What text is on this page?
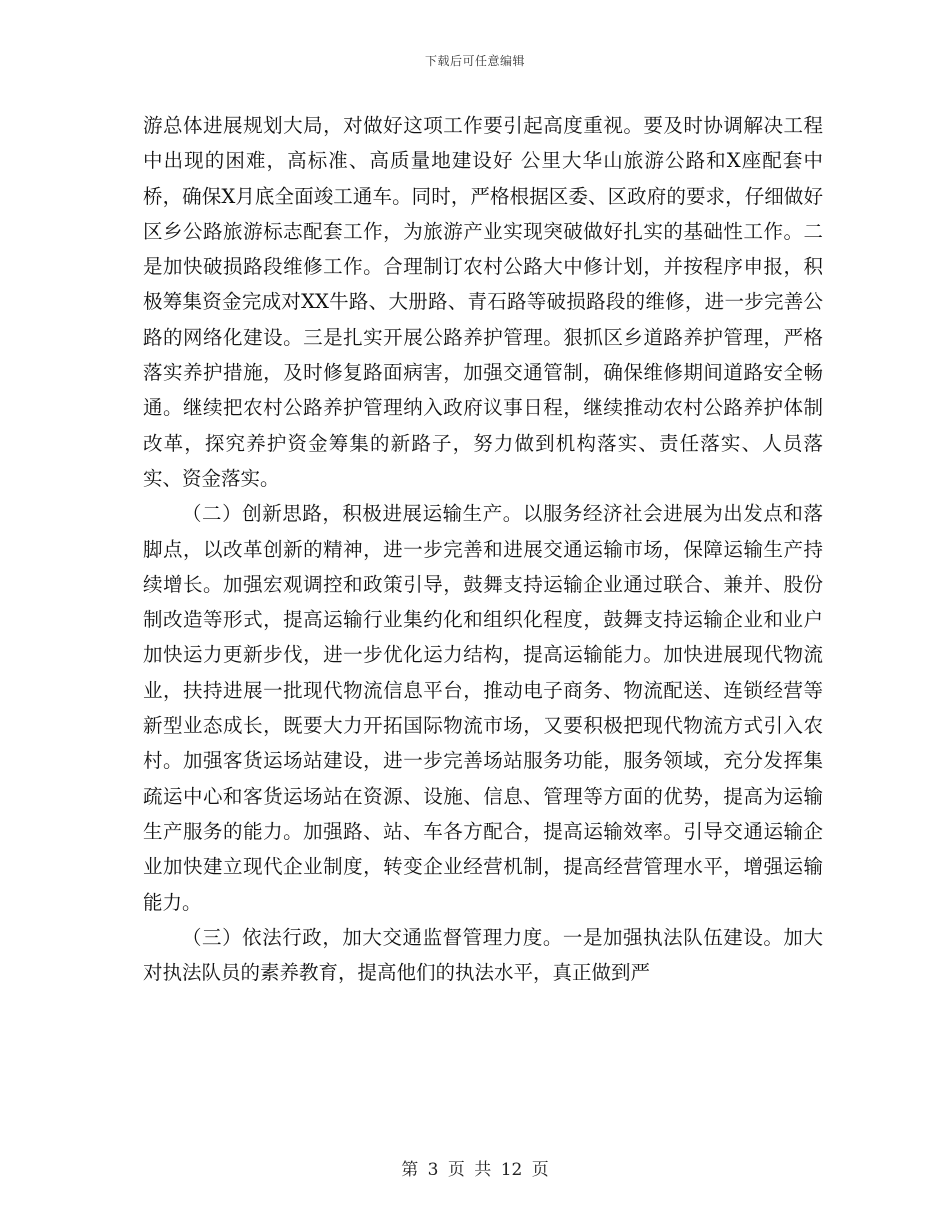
下载后可任意编辑

游总体进展规划大局，对做好这项工作要引起高度重视。要及时协调解决工程中出现的困难，高标准、高质量地建设好 公里大华山旅游公路和X座配套中桥，确保X月底全面竣工通车。同时，严格根据区委、区政府的要求，仔细做好区乡公路旅游标志配套工作，为旅游产业实现突破做好扎实的基础性工作。二是加快破损路段维修工作。合理制订农村公路大中修计划，并按程序申报，积极筹集资金完成对XX牛路、大册路、青石路等破损路段的维修，进一步完善公路的网络化建设。三是扎实开展公路养护管理。狠抓区乡道路养护管理，严格落实养护措施，及时修复路面病害，加强交通管制，确保维修期间道路安全畅通。继续把农村公路养护管理纳入政府议事日程，继续推动农村公路养护体制改革，探究养护资金筹集的新路子，努力做到机构落实、责任落实、人员落实、资金落实。

（二）创新思路，积极进展运输生产。以服务经济社会进展为出发点和落脚点，以改革创新的精神，进一步完善和进展交通运输市场，保障运输生产持续增长。加强宏观调控和政策引导，鼓舞支持运输企业通过联合、兼并、股份制改造等形式，提高运输行业集约化和组织化程度，鼓舞支持运输企业和业户加快运力更新步伐，进一步优化运力结构，提高运输能力。加快进展现代物流业，扶持进展一批现代物流信息平台，推动电子商务、物流配送、连锁经营等新型业态成长，既要大力开拓国际物流市场，又要积极把现代物流方式引入农村。加强客货运场站建设，进一步完善场站服务功能，服务领域，充分发挥集疏运中心和客货运场站在资源、设施、信息、管理等方面的优势，提高为运输生产服务的能力。加强路、站、车各方配合，提高运输效率。引导交通运输企业加快建立现代企业制度，转变企业经营机制，提高经营管理水平，增强运输能力。

（三）依法行政，加大交通监督管理力度。一是加强执法队伍建设。加大对执法队员的素养教育，提高他们的执法水平，真正做到严

第 3 页 共 12 页
